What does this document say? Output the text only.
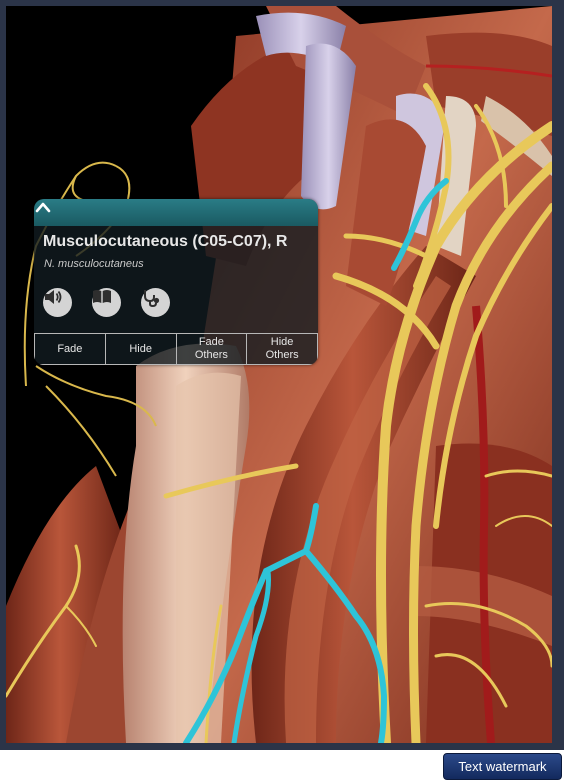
Musculocutaneous (C05-C07), R
N. musculocutaneus
Fade	Hide
Fade
Others
Hide
Others
Text watermark
